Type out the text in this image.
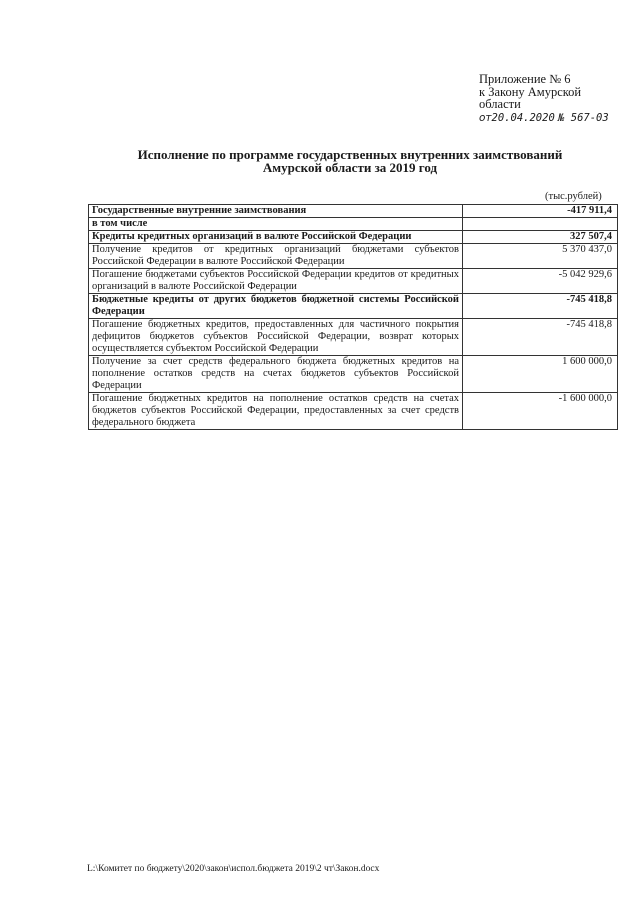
Приложение № 6
к Закону Амурской
области
от20.04.2020 № 567-03
Исполнение по программе государственных внутренних заимствований
Амурской области за 2019 год
(тыс.рублей)
Государственные внутренние заимствования	-417 911,4
в том числе	
Кредиты кредитных организаций в валюте Российской Федерации	327 507,4
Получение кредитов от кредитных организаций бюджетами субъектов Российской Федерации в валюте Российской Федерации	5 370 437,0
Погашение бюджетами субъектов Российской Федерации кредитов от кредитных организаций в валюте Российской Федерации	-5 042 929,6
Бюджетные кредиты от других бюджетов бюджетной системы Российской Федерации	-745 418,8
Погашение бюджетных кредитов, предоставленных для частичного покрытия дефицитов бюджетов субъектов Российской Федерации, возврат которых осуществляется субъектом Российской Федерации	-745 418,8
Получение за счет средств федерального бюджета бюджетных кредитов на пополнение остатков средств на счетах бюджетов субъектов Российской Федерации	1 600 000,0
Погашение бюджетных кредитов на пополнение остатков средств на счетах бюджетов субъектов Российской Федерации, предоставленных за счет средств федерального бюджета	-1 600 000,0
L:\Комитет по бюджету\2020\закон\испол.бюджета 2019\2 чт\Закон.docx
